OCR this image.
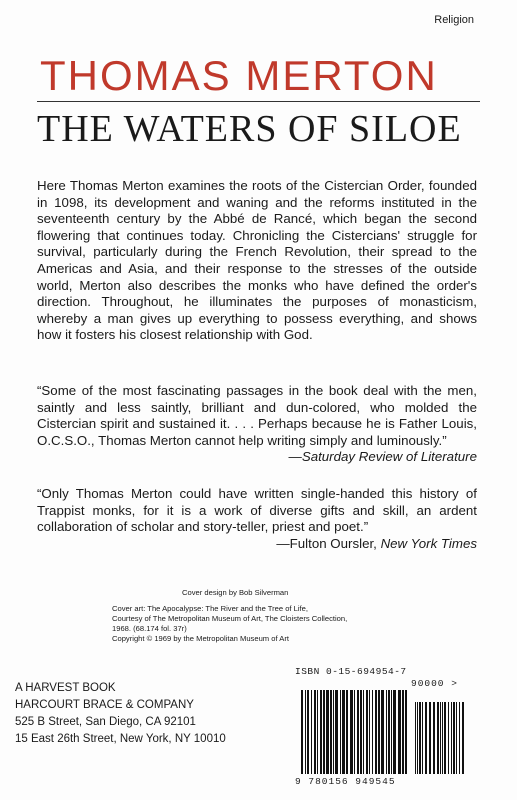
Religion
THOMAS MERTON
THE WATERS OF SILOE

Here Thomas Merton examines the roots of the Cistercian Order, founded in 1098, its development and waning and the reforms instituted in the seventeenth century by the Abbé de Rancé, which began the second flowering that continues today. Chronicling the Cistercians' struggle for survival, particularly during the French Revolution, their spread to the Americas and Asia, and their response to the stresses of the outside world, Merton also describes the monks who have defined the order's direction. Throughout, he illuminates the purposes of monasticism, whereby a man gives up everything to possess everything, and shows how it fosters his closest relationship with God.

“Some of the most fascinating passages in the book deal with the men, saintly and less saintly, brilliant and dun-colored, who molded the Cistercian spirit and sustained it. . . . Perhaps because he is Father Louis, O.C.S.O., Thomas Merton cannot help writing simply and luminously.”

—Saturday Review of Literature

“Only Thomas Merton could have written single-handed this history of Trappist monks, for it is a work of diverse gifts and skill, an ardent collaboration of scholar and story-teller, priest and poet.”

—Fulton Oursler, New York Times

Cover design by Bob Silverman

Cover art: The Apocalypse: The River and the Tree of Life,

Courtesy of The Metropolitan Museum of Art, The Cloisters Collection,

1968. (68.174 fol. 37r)

Copyright © 1969 by the Metropolitan Museum of Art

A HARVEST BOOK
HARCOURT BRACE & COMPANY
525 B Street, San Diego, CA 92101
15 East 26th Street, New York, NY 10010
ISBN 0-15-694954-7
90000 >
9 780156 949545
